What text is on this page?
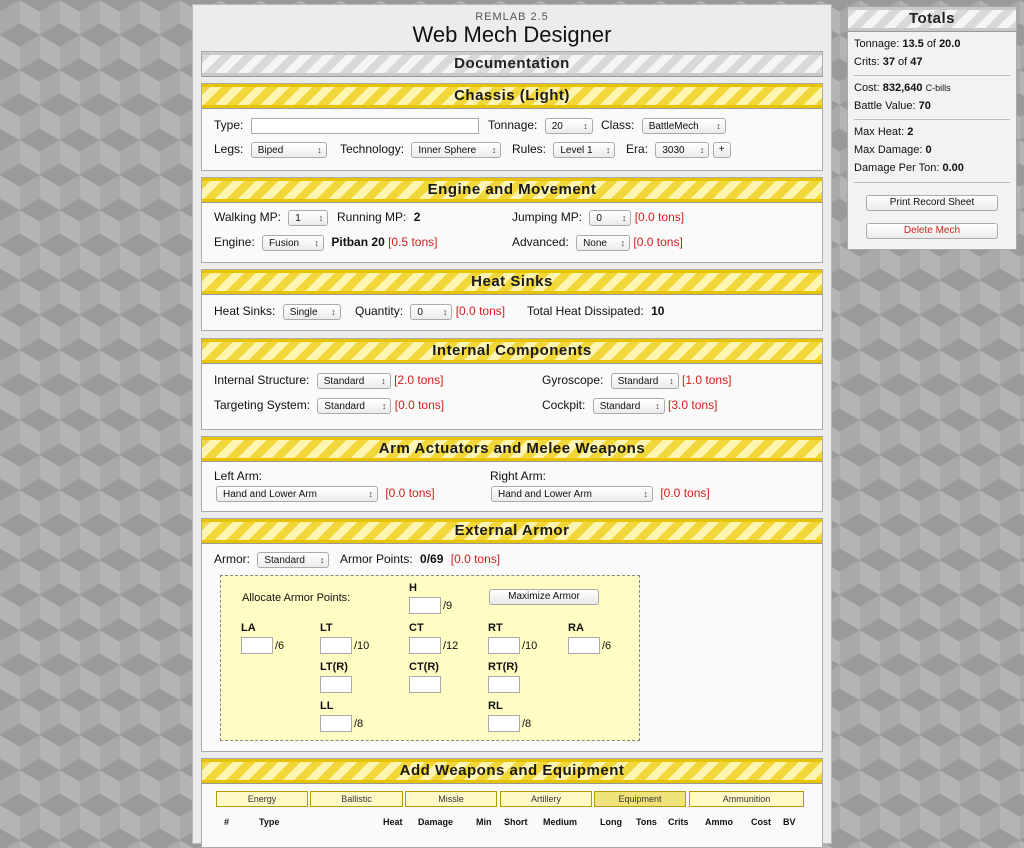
REMLAB 2.5
Web Mech Designer
Documentation
Chassis (Light)
Type:	Tonnage: 20 ↕	Class: BattleMech ↕
Legs: Biped ↕	Technology: Inner Sphere ↕	Rules: Level 1 ↕	Era: 3030 ↕	+
Engine and Movement
Walking MP: 1 ↕	Running MP: 2	Jumping MP: 0 ↕	[0.0 tons]
Engine: Fusion ↕	Pitban 20 [0.5 tons]	Advanced: None ↕ [0.0 tons]
Heat Sinks
Heat Sinks: Single ↕	Quantity: 0 ↕	[0.0 tons] Total Heat Dissipated: 10
Internal Components
Internal Structure: Standard ↕ [2.0 tons]	Gyroscope: Standard ↕ [1.0 tons]
Targeting System: Standard ↕ [0.0 tons]	Cockpit: Standard ↕ [3.0 tons]
Arm Actuators and Melee Weapons
Left Arm:
Hand and Lower Arm ↕	[0.0 tons]
Right Arm:
Hand and Lower Arm ↕	[0.0 tons]
External Armor
Armor: Standard ↕	Armor Points: 0/69 [0.0 tons]
Allocate Armor Points:	Maximize Armor
H
/9
LA
/6
LT
/10
CT
/12
RT
/10
RA
/6
LT(R)	CT(R)	RT(R)
LL
/8
RL
/8
Add Weapons and Equipment
Energy	Ballistic	Missle	Artillery	Equipment	Ammunition
#	Type	Heat Damage	Min Short Medium	Long Tons Crits Ammo Cost BV
Totals
Tonnage: 13.5 of 20.0
Crits: 37 of 47
Cost: 832,640 C-bills
Battle Value: 70
Max Heat: 2
Max Damage: 0
Damage Per Ton: 0.00
Print Record Sheet
Delete Mech
